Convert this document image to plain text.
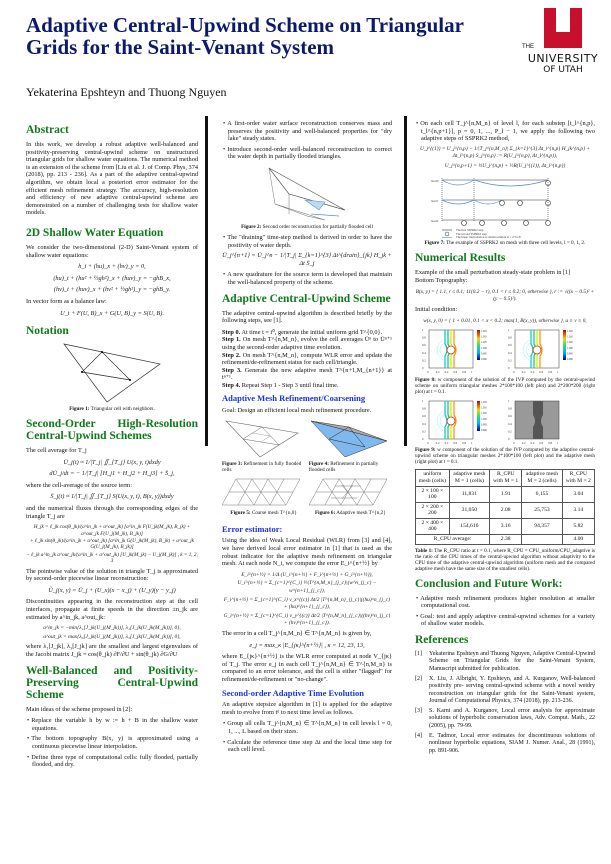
Adaptive Central-Upwind Scheme on Triangular Grids for the Saint-Venant System
Yekaterina Epshteyn and Thuong Nguyen
THE
UNIVERSITY
OF UTAH
Abstract

In this work, we develop a robust adaptive well-balanced and positivity-preserving central-upwind scheme on unstructured triangular grids for shallow water equations. The numerical method is an extension of the scheme from [Liu et al. J. of Comp. Phys, 374 (2018), pp. 213 - 236]. As a part of the adaptive central-upwind algorithm, we obtain local a posteriori error estimator for the efficient mesh refinement strategy. The accuracy, high-resolution and efficiency of new adaptive central-upwind scheme are demonstrated on a number of challenging tests for shallow water models.

2D Shallow Water Equation

We consider the two-dimensional (2-D) Saint-Venant system of shallow water equations:

h_t + (hu)_x + (hv)_y = 0,
(hu)_t + (hu² + ½gh²)_x + (huv)_y = −ghB_x,
(hv)_t + (huv)_x + (hv² + ½gh²)_y = −ghB_y.

In vector form as a balance law:

U_t + F(U, B)_x + G(U, B)_y = S(U, B).
Notation
Figure 1: Triangular cell with neighbors.
Second-Order High-Resolution Central-Upwind Schemes

The cell average for T_j

Ū_j(t) ≈ 1/|T_j| ∬_{T_j} U(x, y, t)dxdy
dŪ_j/dt = − 1/|T_j| [H_j1 + H_j2 + H_j3] + S̄_j,

where the cell-average of the source term:

S̄_j(t) ≈ 1/|T_j| ∬_{T_j} S(U(x, y, t), B(x, y))dxdy

and the numerical fluxes through the corresponding edges of the triangle T_j are

H_jk = ℓ_jk cos(θ_jk)/(a^in_jk + a^out_jk) [a^in_jk F(U_jk(M_jk), B_jk) + a^out_jk F(U_j(M_jk), B_jk)]
+ ℓ_jk sin(θ_jk)/(a^in_jk + a^out_jk) [a^in_jk G(U_jk(M_jk), B_jk) + a^out_jk G(U_j(M_jk), B_jk)]
− ℓ_jk a^in_jk a^out_jk/(a^in_jk + a^out_jk) [U_jk(M_jk) − U_j(M_jk)] , k = 1, 2, 3

The pointwise value of the solution in triangle T_j is approximated by second-order piecewise linear reconstruction:

Ũ_j(x, y) = Ū_j + (U_x)(x − x_j) + (U_y)(y − y_j)

Discontinuities appearing in the reconstruction step at the cell interfaces, propagate at finite speeds in the direction ±n_jk are estimated by a^in_jk, a^out_jk:

a^in_jk = −min{λ₁[J_jk(U_j(M_jk))], λ₁[J_jk(U_jk(M_jk))], 0},
a^out_jk = max{λ₃[J_jk(U_j(M_jk))], λ₃[J_jk(U_jk(M_jk))], 0},

where λ₁[J_jk], λ₃[J_jk] are the smallest and largest eigenvalues of the Jacobi matrix J_jk = cos(θ_jk) ∂F/∂U + sin(θ_jk) ∂G/∂U

Well-Balanced and Positivity-Preserving Central-Upwind Scheme

Main ideas of the scheme proposed in [2]:

• Replace the variable h by w := h + B in the shallow water equations.
• The bottom topography B(x, y) is approximated using a continuous piecewise linear interpolation.
• Define three type of computational cells: fully flooded, partially flooded, and dry.
• A first-order water surface reconstruction conserves mass and preserves the positivity and well-balanced properties for "dry lake" steady states.
• Introduce second-order well-balanced reconstruction to correct the water depth in partially flooded triangles.
Figure 2: Second order reconstruction for partially flooded cell
• The "draining" time-step method is derived in order to have the positivity of water depth.
Ū_j^{n+1} = Ū_j^n − 1/|T_j| Σ_{k=1}^{3} Δt^{drain}_{jk} H_jk + Δt S̄_j
• A new quadrature for the source term is developed that maintain the well-balanced property of the scheme.
Adaptive Central-Upwind Scheme

The adaptive central-upwind algorithm is described briefly by the following steps, see [1].

Step 0. At time t = t⁰, generate the initial uniform grid T^{0,0}.
Step 1. On mesh T^{n,M_n}, evolve the cell averages Ūⁿ to Ūⁿ⁺¹ using the second-order adaptive time evolution.
Step 2. On mesh T^{n,M_n}, compute WLR error and update the refinement/de-refinement status for each cell/triangle.
Step 3. Generate the new adaptive mesh T^{n+1,M_{n+1}} at tⁿ⁺¹.
Step 4. Repeat Step 1 - Step 3 until final time.
Adaptive Mesh Refinement/Coarsening

Goal: Design an efficient local mesh refinement procedure.

Figure 3: Refinement in fully flooded cells
Figure 4: Refinement in partially flooded cells
Figure 5: Coarse mesh T^{n,0}	Figure 6: Adaptive mesh T^{n,2}
Error estimator:

Using the idea of Weak Local Residual (WLR) from [3] and [4], we have derived local error estimator in [1] that is used as the robust indicator for the adaptive mesh refinement on triangular mesh. At each node N_i, we compute the error E_i^{n+½} by

E_i^{n+½} = 1/Δ (U_i^{n+½} + F_i^{n+½} + G_i^{n+½}),
U_i^{n+½} = Σ_{c=1}^{C_i} ⅓|T^{n,M_n}_{j_c}|(w^n_{j_c} − w^{n+1}_{j_c}),
F_i^{n+½} = Σ_{c=1}^{C_i} ν_x^{(c)} Δt/2 |T^{n,M_n}_{j_c}|((hu)^n_{j_c} + (hu)^{n+1}_{j_c}),
G_i^{n+½} = Σ_{c=1}^{C_i} ν_y^{(c)} Δt/2 |T^{n,M_n}_{j_c}|((hv)^n_{j_c} + (hv)^{n+1}_{j_c}).

The error in a cell T_j^{n,M_n} ∈ T^{n,M_n} is given by,

e_j = max_κ |E_{jκ}^{n+½}| , κ = 12, 23, 13,

where E_{jκ}^{n+½} is the WLR error computed at node V_{jκ} of T_j. The error e_j in each cell T_j^{n,M_n} ∈ T^{n,M_n} is compared to an error tolerance, and the cell is either "flagged" for refinement/de-refinement or "no-change".

Second-order Adaptive Time Evolution

An adaptive stepsize algorithm in [1] is applied for the adaptive mesh to evolve from tⁿ to next time level as follows.

• Group all cells T_j^{n,M_n} ∈ T^{n,M_n} in cell levels l = 0, 1, ..., L based on their sizes.
• Calculate the reference time step Δt and the local time step for each cell level.
• On each cell T_j^{n,M_n} of level l, for each substep [t_l^{n,p}, t_l^{n,p+1}], p = 0, 1, ..., P_l − 1, we apply the following two adaptive steps of SSPRK2 method,
U_j^{(1)} = U_j^{n,p} − 1/|T_j^{n,M_n}| Σ_{k=1}^{3} Δt_l^{n,p} H_jk^{n,p} + Δt_l^{n,p} S_j^{n,p} := R(U_j^{n,p}, Δt_l^{n,p}),
U_j^{n,p+1} = ½U_j^{n,p} + ½R(U_j^{(1)}, Δt_l^{n,p})
level0
level1
level2
The first SSPRK2 step
The second SSPRK2 step
The linear interpolation to obtain solution at t_2^{n,3}
Figure 7: The example of SSPRK2 on mesh with three cell levels, l = 0, 1, 2.
Numerical Results

Example of the small perturbation steady-state problem in [1]

Bottom Topography:

B(x, y) = { 1.1, r ≤ 0.1; 11(0.2 − r), 0.1 < r ≤ 0.2; 0, otherwise }, r := √((x − 0.5)² + (y − 0.5)²).

Initial condition:

w(x, y, 0) = { 1 + 0.01, 0.1 < x < 0.2; max(1, B(x, y)), otherwise }, u ≡ v ≡ 0,
0
0
0.2
0.2
0.4
0.4
0.6
0.6
0.8
0.8
1
1	1.016
1.010
1.005
1.000
0.995
0.990
0
0
0.2
0.2
0.4
0.4
0.6
0.6
0.8
0.8
1
1	1.016
1.010
1.005
1.000
0.995
0.990
Figure 8: w component of the solution of the IVP computed by the central-upwind scheme on uniform triangular meshes 2*100*100 (left plot) and 2*200*200 (right plot) at t = 0.1.
0
0
0.2
0.2
0.4
0.4
0.6
0.6
0.8
0.8
1
1	1.016
1.010
1.005
1.000
0.995
0.990
0
0
0.2
0.2
0.4
0.4
0.6
0.6
0.8
0.8
1
1
Figure 9: w component of the solution of the IVP computed by the adaptive central-upwind scheme on triangular meshes 2*100*100 (left plot) and the adaptive mesh (right plot) at t = 0.1.
uniform mesh (cells)	adaptive mesh M = 1 (cells)	R_CPU with M = 1	adaptive mesh M = 2 (cells)	R_CPU with M = 2
2 × 100 × 100	11,831	1.91	6,155	3.04
2 × 200 × 200	31,050	2.08	25,753	3.14
2 × 400 × 400	154,616	3.16	94,357	5.82
R_CPU average:	2.38		4.00
Table 1: The R_CPU ratio at t = 0.1, where R_CPU = CPU_uniform/CPU_adaptive is the ratio of the CPU times of the central-upwind algorithm without adaptivity to the CPU time of the adaptive central-upwind algorithm (uniform mesh and the compared adaptive mesh have the same size of the smallest cells).
Conclusion and Future Work:
• Adaptive mesh refinement produces higher resolution at smaller computational cost.
• Goal: test and apply adaptive central-upwind schemes for a variety of shallow water models.
References
[1]	Yekaterina Epshteyn and Thuong Nguyen, Adaptive Central-Upwind Scheme on Triangular Grids for the Saint-Venant System, Manuscript submitted for publication.
[2]	X. Liu, J. Albright, Y. Epshteyn, and A. Kurganov, Well-balanced positivity pre- serving central-upwind scheme with a novel wetdry reconstruction on triangular grids for the Saint-Venant system, Journal of Computational Physics, 374 (2018), pp. 213-236.
[3]	S. Karni and A. Kurganov, Local error analysis for approximate solutions of hyperbolic conservation laws, Adv. Comput. Math., 22 (2005), pp. 79-99.
[4]	E. Tadmor, Local error estimates for discontinuous solutions of nonlinear hyperbolic equations, SIAM J. Numer. Anal., 28 (1991), pp. 891-906.
